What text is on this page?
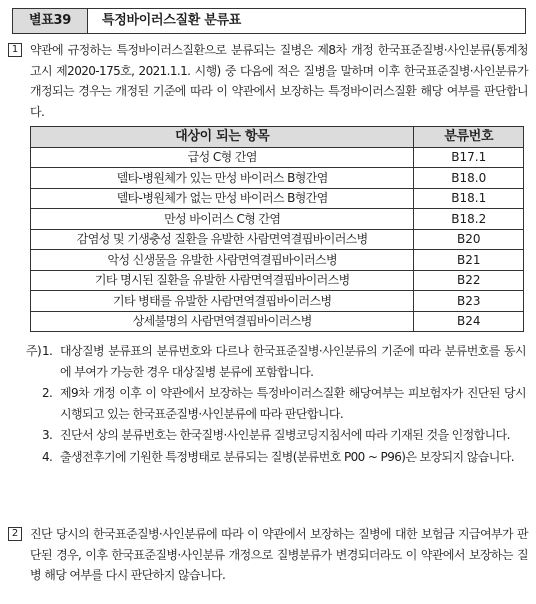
별표39	특정바이러스질환 분류표
1 약관에 규정하는 특정바이러스질환으로 분류되는 질병은 제8차 개정 한국표준질병·사인분류(통계청고시 제2020-175호, 2021.1.1. 시행) 중 다음에 적은 질병을 말하며 이후 한국표준질병·사인분류가 개정되는 경우는 개정된 기준에 따라 이 약관에서 보장하는 특정바이러스질환 해당 여부를 판단합니다.
대상이 되는 항목	분류번호
급성 C형 간염	B17.1
델타-병원체가 있는 만성 바이러스 B형간염	B18.0
델타-병원체가 없는 만성 바이러스 B형간염	B18.1
만성 바이러스 C형 간염	B18.2
감염성 및 기생충성 질환을 유발한 사람면역결핍바이러스병	B20
악성 신생물을 유발한 사람면역결핍바이러스병	B21
기타 명시된 질환을 유발한 사람면역결핍바이러스병	B22
기타 병태를 유발한 사람면역결핍바이러스병	B23
상세불명의 사람면역결핍바이러스병	B24
주) 1. 대상질병 분류표의 분류번호와 다르나 한국표준질병·사인분류의 기준에 따라 분류번호를 동시에 부여가 가능한 경우 대상질병 분류에 포함합니다.
2. 제9차 개정 이후 이 약관에서 보장하는 특정바이러스질환 해당여부는 피보험자가 진단된 당시 시행되고 있는 한국표준질병·사인분류에 따라 판단합니다.
3. 진단서 상의 분류번호는 한국질병·사인분류 질병코딩지침서에 따라 기재된 것을 인정합니다.
4. 출생전후기에 기원한 특정병태로 분류되는 질병(분류번호 P00 ~ P96)은 보장되지 않습니다.
2 진단 당시의 한국표준질병·사인분류에 따라 이 약관에서 보장하는 질병에 대한 보험금 지급여부가 판단된 경우, 이후 한국표준질병·사인분류 개정으로 질병분류가 변경되더라도 이 약관에서 보장하는 질병 해당 여부를 다시 판단하지 않습니다.
